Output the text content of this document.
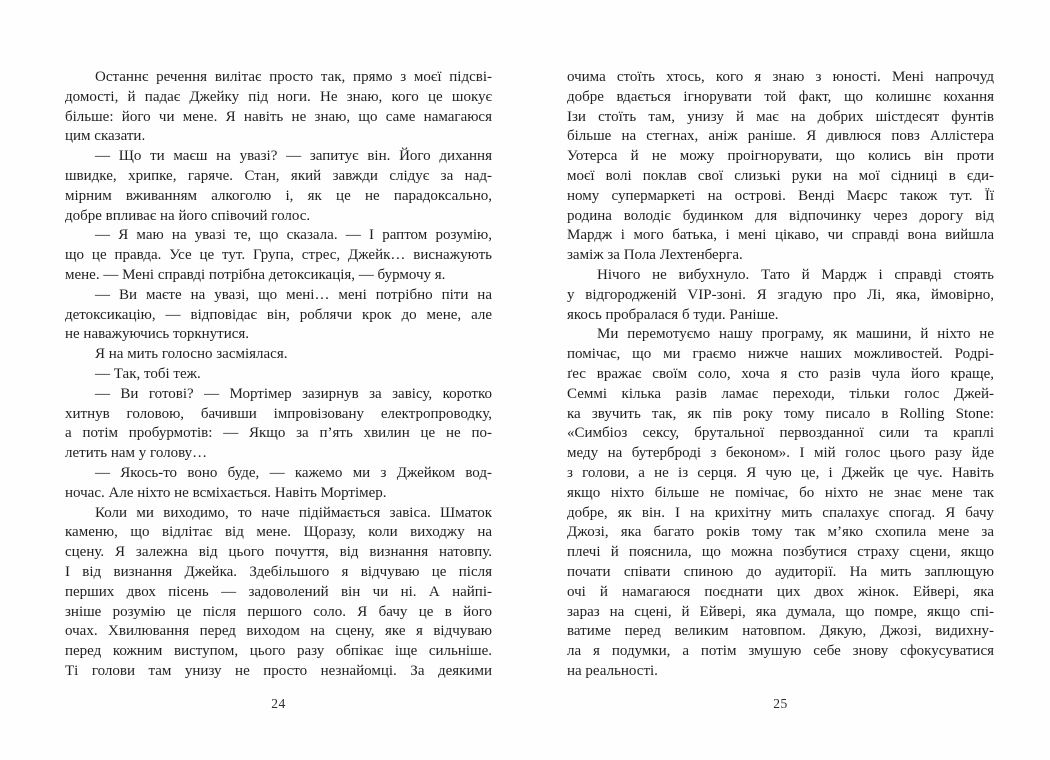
Останнє речення вилітає просто так, прямо з моєї підсві-
домості, й падає Джейку під ноги. Не знаю, кого це шокує
більше: його чи мене. Я навіть не знаю, що саме намагаюся
цим сказати.
— Що ти маєш на увазі? — запитує він. Його дихання
швидке, хрипке, гаряче. Стан, який завжди слідує за над-
мірним вживанням алкоголю і, як це не парадоксально,
добре впливає на його співочий голос.
— Я маю на увазі те, що сказала. — І раптом розумію,
що це правда. Усе це тут. Група, стрес, Джейк… виснажують
мене. — Мені справді потрібна детоксикація, — бурмочу я.
— Ви маєте на увазі, що мені… мені потрібно піти на
детоксикацію, — відповідає він, роблячи крок до мене, але
не наважуючись торкнутися.
Я на мить голосно засміялася.
— Так, тобі теж.
— Ви готові? — Мортімер зазирнув за завісу, коротко
хитнув головою, бачивши імпровізовану електропроводку,
а потім пробурмотів: — Якщо за п’ять хвилин це не по-
летить нам у голову…
— Якось-то воно буде, — кажемо ми з Джейком вод-
ночас. Але ніхто не всміхається. Навіть Мортімер.
Коли ми виходимо, то наче підіймається завіса. Шматок
каменю, що відлітає від мене. Щоразу, коли виходжу на
сцену. Я залежна від цього почуття, від визнання натовпу.
І від визнання Джейка. Здебільшого я відчуваю це після
перших двох пісень — задоволений він чи ні. А найпі-
зніше розумію це після першого соло. Я бачу це в його
очах. Хвилювання перед виходом на сцену, яке я відчуваю
перед кожним виступом, цього разу обпікає іще сильніше.
Ті голови там унизу не просто незнайомці. За деякими
24
очима стоїть хтось, кого я знаю з юності. Мені напрочуд
добре вдається ігнорувати той факт, що колишнє кохання
Ізи стоїть там, унизу й має на добрих шістдесят фунтів
більше на стегнах, аніж раніше. Я дивлюся повз Аллістера
Уотерса й не можу проігнорувати, що колись він проти
моєї волі поклав свої слизькі руки на мої сідниці в єди-
ному супермаркеті на острові. Венді Маєрс також тут. Її
родина володіє будинком для відпочинку через дорогу від
Мардж і мого батька, і мені цікаво, чи справді вона вийшла
заміж за Пола Лехтенберга.
Нічого не вибухнуло. Тато й Мардж і справді стоять
у відгородженій VIP-зоні. Я згадую про Лі, яка, ймовірно,
якось пробралася б туди. Раніше.
Ми перемотуємо нашу програму, як машини, й ніхто не
помічає, що ми граємо нижче наших можливостей. Родрі-
ґес вражає своїм соло, хоча я сто разів чула його краще,
Семмі кілька разів ламає переходи, тільки голос Джей-
ка звучить так, як пів року тому писало в Rolling Stone:
«Симбіоз сексу, брутальної первозданної сили та краплі
меду на бутерброді з беконом». І мій голос цього разу йде
з голови, а не із серця. Я чую це, і Джейк це чує. Навіть
якщо ніхто більше не помічає, бо ніхто не знає мене так
добре, як він. І на крихітну мить спалахує спогад. Я бачу
Джозі, яка багато років тому так м’яко схопила мене за
плечі й пояснила, що можна позбутися страху сцени, якщо
почати співати спиною до аудиторії. На мить заплющую
очі й намагаюся поєднати цих двох жінок. Ейвері, яка
зараз на сцені, й Ейвері, яка думала, що помре, якщо спі-
ватиме перед великим натовпом. Дякую, Джозі, видихну-
ла я подумки, а потім змушую себе знову сфокусуватися
на реальності.
25
